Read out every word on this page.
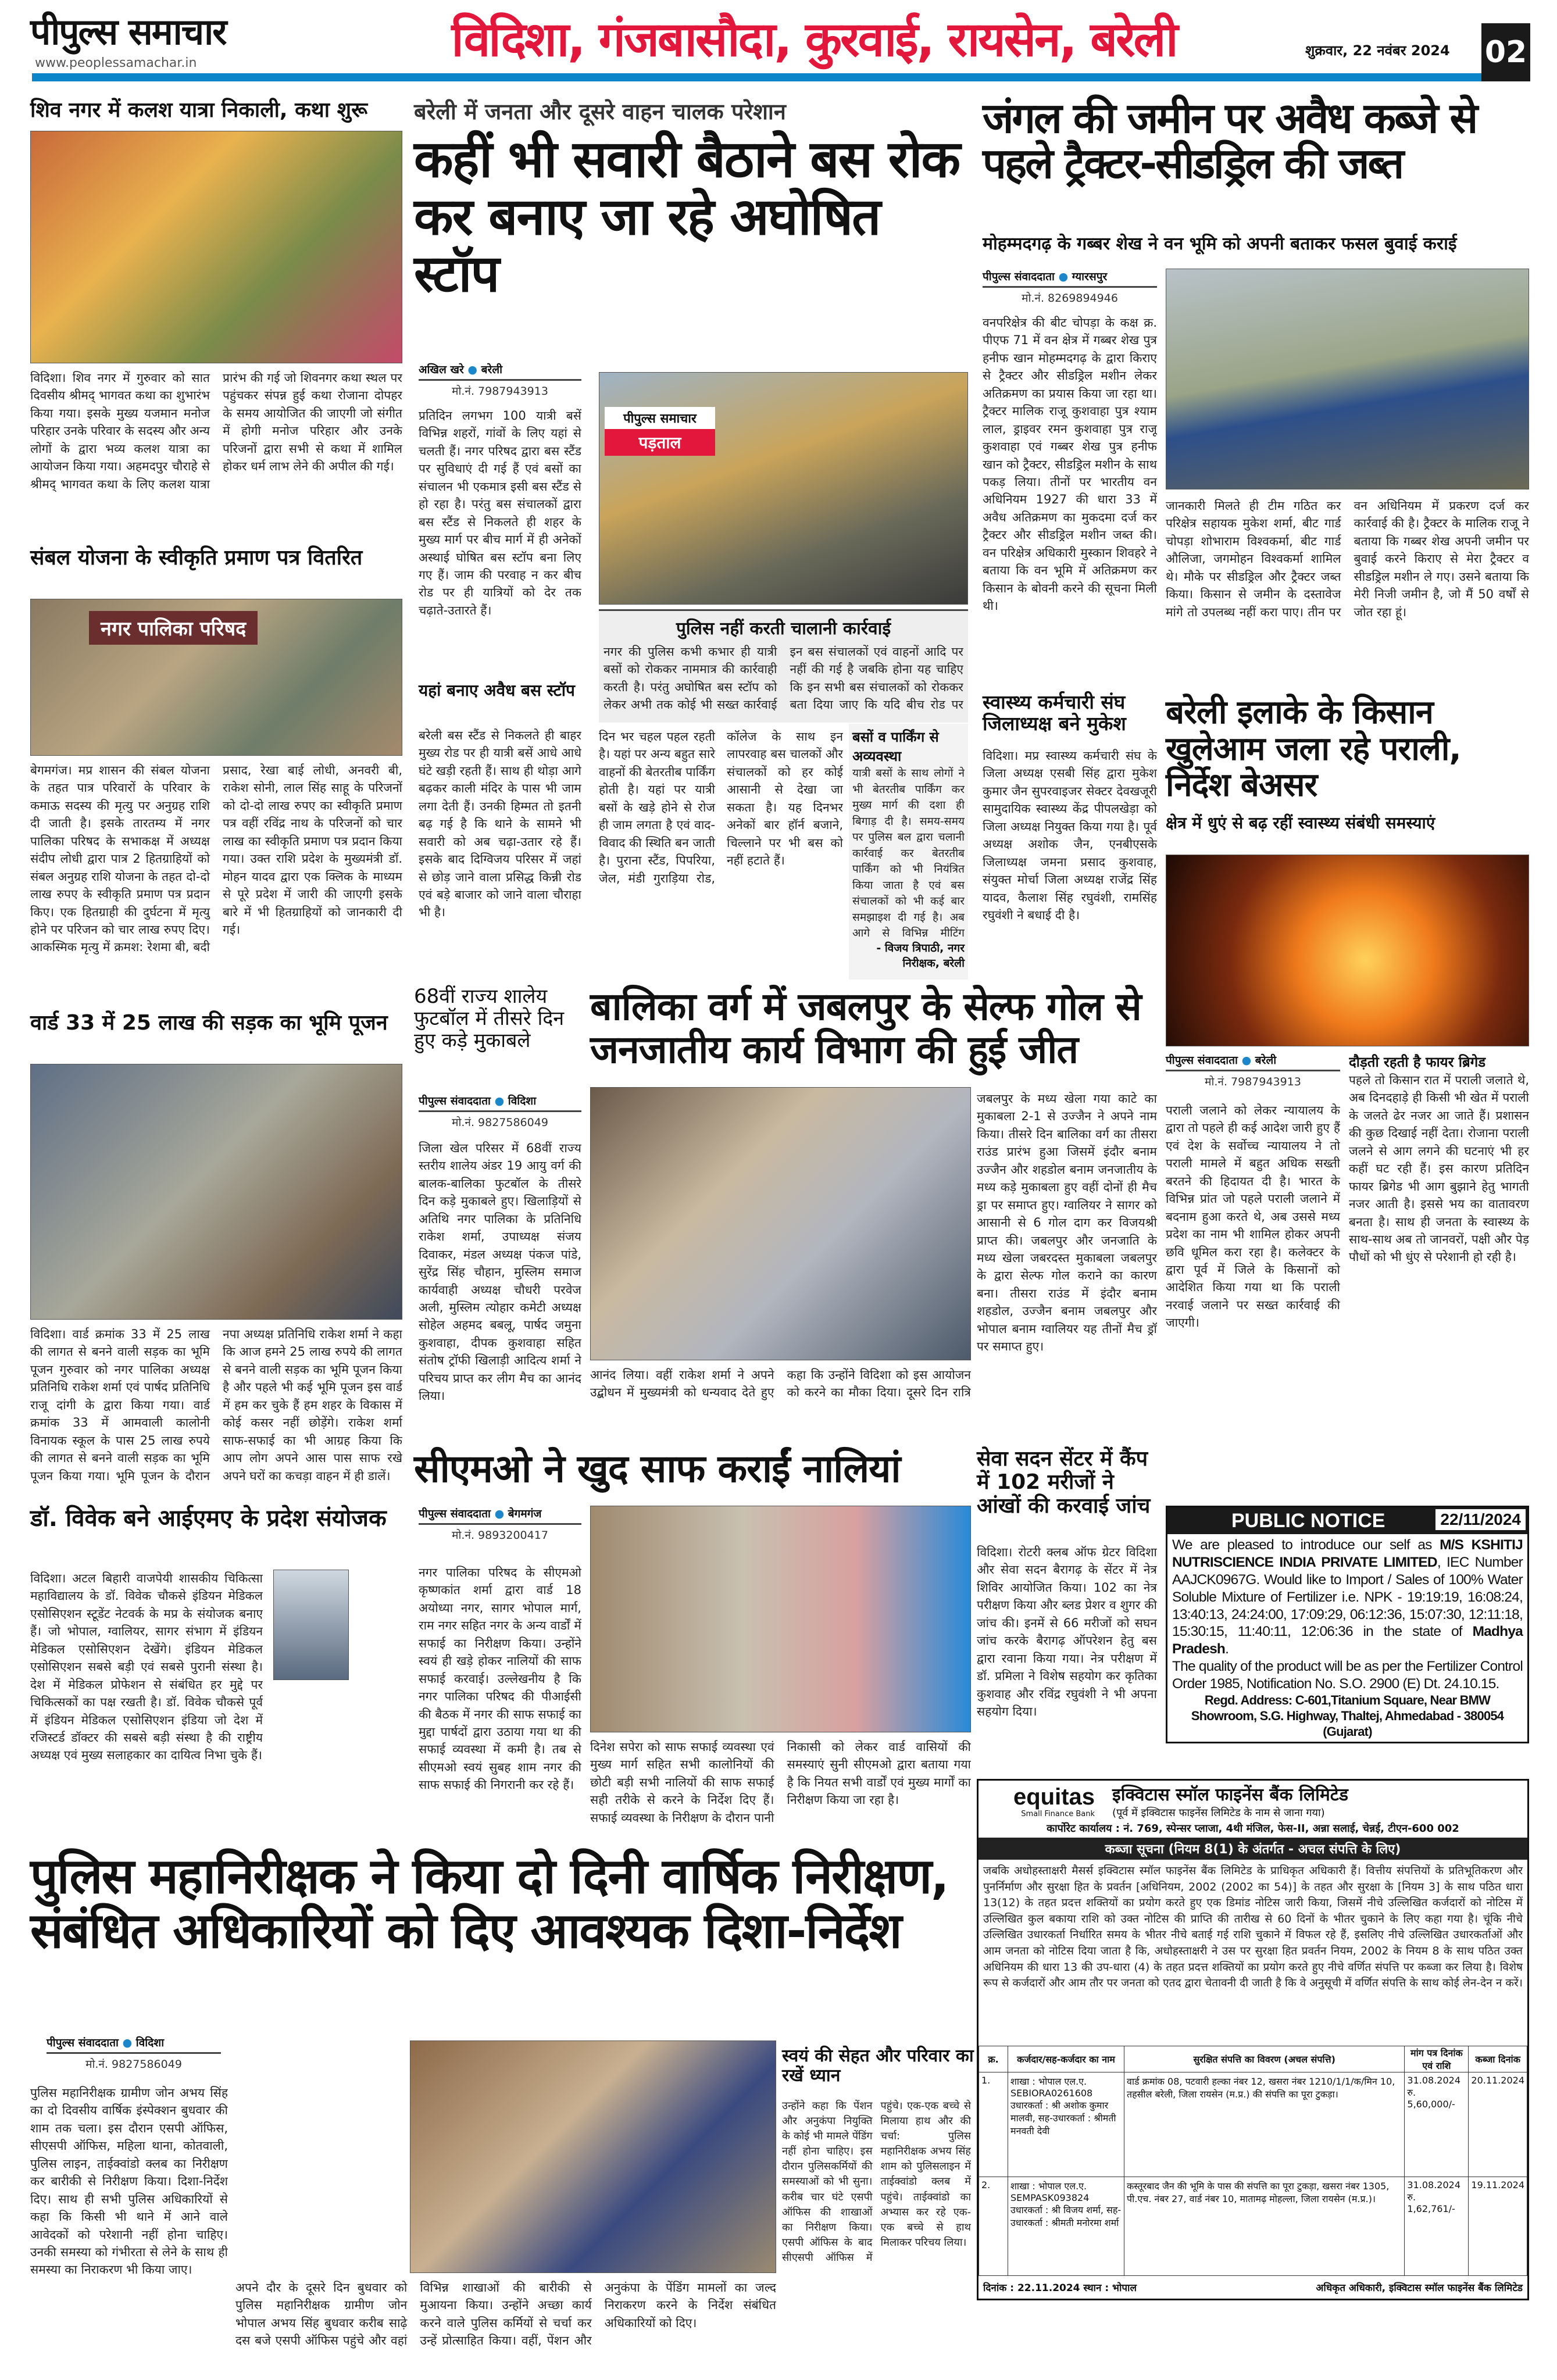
पीपुल्स समाचार
www.peoplessamachar.in	विदिशा, गंजबासौदा, कुरवाई, रायसेन, बरेली	शुक्रवार, 22 नवंबर 2024 02
शिव नगर में कलश यात्रा निकाली, कथा शुरू
विदिशा। शिव नगर में गुरुवार को सात दिवसीय श्रीमद् भागवत कथा का शुभारंभ किया गया। इसके मुख्य यजमान मनोज परिहार उनके परिवार के सदस्य और अन्य लोगों के द्वारा भव्य कलश यात्रा का आयोजन किया गया। अहमदपुर चौराहे से श्रीमद् भागवत कथा के लिए कलश यात्रा प्रारंभ की गई जो शिवनगर कथा स्थल पर पहुंचकर संपन्न हुई कथा रोजाना दोपहर के समय आयोजित की जाएगी जो संगीत में होगी मनोज परिहार और उनके परिजनों द्वारा सभी से कथा में शामिल होकर धर्म लाभ लेने की अपील की गई।
संबल योजना के स्वीकृति प्रमाण पत्र वितरित
नगर पालिका परिषद
बेगमगंज। मप्र शासन की संबल योजना के तहत पात्र परिवारों के परिवार के कमाऊ सदस्य की मृत्यु पर अनुग्रह राशि दी जाती है। इसके तारतम्य में नगर पालिका परिषद के सभाकक्ष में अध्यक्ष संदीप लोधी द्वारा पात्र 2 हितग्राहियों को संबल अनुग्रह राशि योजना के तहत दो-दो लाख रुपए के स्वीकृति प्रमाण पत्र प्रदान किए। एक हितग्राही की दुर्घटना में मृत्यु होने पर परिजन को चार लाख रुपए दिए। आकस्मिक मृत्यु में क्रमश: रेशमा बी, बदी प्रसाद, रेखा बाई लोधी, अनवरी बी, राकेश सोनी, लाल सिंह साहू के परिजनों को दो-दो लाख रुपए का स्वीकृति प्रमाण पत्र वहीं रविंद्र नाथ के परिजनों को चार लाख का स्वीकृति प्रमाण पत्र प्रदान किया गया। उक्त राशि प्रदेश के मुख्यमंत्री डॉ. मोहन यादव द्वारा एक क्लिक के माध्यम से पूरे प्रदेश में जारी की जाएगी इसके बारे में भी हितग्राहियों को जानकारी दी गई।
वार्ड 33 में 25 लाख की सड़क का भूमि पूजन
विदिशा। वार्ड क्रमांक 33 में 25 लाख की लागत से बनने वाली सड़क का भूमि पूजन गुरुवार को नगर पालिका अध्यक्ष प्रतिनिधि राकेश शर्मा एवं पार्षद प्रतिनिधि राजू दांगी के द्वारा किया गया। वार्ड क्रमांक 33 में आमवाली कालोनी विनायक स्कूल के पास 25 लाख रुपये की लागत से बनने वाली सड़क का भूमि पूजन किया गया। भूमि पूजन के दौरान नपा अध्यक्ष प्रतिनिधि राकेश शर्मा ने कहा कि आज हमने 25 लाख रुपये की लागत से बनने वाली सड़क का भूमि पूजन किया है और पहले भी कई भूमि पूजन इस वार्ड में हम कर चुके हैं हम शहर के विकास में कोई कसर नहीं छोड़ेंगे। राकेश शर्मा साफ-सफाई का भी आग्रह किया कि आप लोग अपने आस पास साफ रखे अपने घरों का कचड़ा वाहन में ही डालें।
डॉ. विवेक बने आईएमए के प्रदेश संयोजक
विदिशा। अटल बिहारी वाजपेयी शासकीय चिकित्सा महाविद्यालय के डॉ. विवेक चौकसे इंडियन मेडिकल एसोसिएशन स्टूडेंट नेटवर्क के मप्र के संयोजक बनाए हैं। जो भोपाल, ग्वालियर, सागर संभाग में इंडियन मेडिकल एसोसिएशन देखेंगे। इंडियन मेडिकल एसोसिएशन सबसे बड़ी एवं सबसे पुरानी संस्था है। देश में मेडिकल प्रोफेशन से संबंधित हर मुद्दे पर चिकित्सकों का पक्ष रखती है। डॉ. विवेक चौकसे पूर्व में इंडियन मेडिकल एसोसिएशन इंडिया जो देश में रजिस्टर्ड डॉक्टर की सबसे बड़ी संस्था है की राष्ट्रीय अध्यक्ष एवं मुख्य सलाहकार का दायित्व निभा चुके हैं।
बरेली में जनता और दूसरे वाहन चालक परेशान
कहीं भी सवारी बैठाने बस रोक कर बनाए जा रहे अघोषित स्टॉप
अखिल खरे ● बरेली
मो.नं. 7987943913
प्रतिदिन लगभग 100 यात्री बसें विभिन्न शहरों, गांवों के लिए यहां से चलती हैं। नगर परिषद द्वारा बस स्टैंड पर सुविधाएं दी गई हैं एवं बसों का संचालन भी एकमात्र इसी बस स्टैंड से हो रहा है। परंतु बस संचालकों द्वारा बस स्टैंड से निकलते ही शहर के मुख्य मार्ग पर बीच मार्ग में ही अनेकों अस्थाई घोषित बस स्टॉप बना लिए गए हैं। जाम की परवाह न कर बीच रोड पर ही यात्रियों को देर तक चढ़ाते-उतारते हैं।
यहां बनाए अवैध बस स्टॉप
बरेली बस स्टैंड से निकलते ही बाहर मुख्य रोड पर ही यात्री बसें आधे आधे घंटे खड़ी रहती हैं। साथ ही थोड़ा आगे बढ़कर काली मंदिर के पास भी जाम लगा देती हैं। उनकी हिम्मत तो इतनी बढ़ गई है कि थाने के सामने भी सवारी को अब चढ़ा-उतार रहे हैं। इसके बाद दिग्विजय परिसर में जहां से छोड़ जाने वाला प्रसिद्ध किन्नी रोड एवं बड़े बाजार को जाने वाला चौराहा भी है।
पीपुल्स समाचार
पड़ताल
पुलिस नहीं करती चालानी कार्रवाई
नगर की पुलिस कभी कभार ही यात्री बसों को रोककर नाममात्र की कार्रवाही करती है। परंतु अघोषित बस स्टॉप को लेकर अभी तक कोई भी सख्त कार्रवाई इन बस संचालकों एवं वाहनों आदि पर नहीं की गई है जबकि होना यह चाहिए कि इन सभी बस संचालकों को रोककर बता दिया जाए कि यदि बीच रोड पर
दिन भर चहल पहल रहती है। यहां पर अन्य बहुत सारे वाहनों की बेतरतीब पार्किंग होती है। यहां पर यात्री बसों के खड़े होने से रोज ही जाम लगता है एवं वाद-विवाद की स्थिति बन जाती है। पुराना स्टैंड, पिपरिया, जेल, मंडी गुराड़िया रोड, कॉलेज के साथ इन लापरवाह बस चालकों और संचालकों को हर कोई आसानी से देखा जा सकता है। यह दिनभर अनेकों बार हॉर्न बजाने, चिल्लाने पर भी बस को नहीं हटाते हैं।
बसों व पार्किंग से अव्यवस्था
यात्री बसों के साथ लोगों ने भी बेतरतीब पार्किंग कर मुख्य मार्ग की दशा ही बिगाड़ दी है। समय-समय पर पुलिस बल द्वारा चलानी कार्रवाई कर बेतरतीब पार्किंग को भी नियंत्रित किया जाता है एवं बस संचालकों को भी कई बार समझाइश दी गई है। अब आगे से विभिन्न मीटिंग
- विजय त्रिपाठी, नगर निरीक्षक, बरेली
जंगल की जमीन पर अवैध कब्जे से पहले ट्रैक्टर-सीडड्रिल की जब्त
मोहम्मदगढ़ के गब्बर शेख ने वन भूमि को अपनी बताकर फसल बुवाई कराई
पीपुल्स संवाददाता ● ग्यारसपुर
मो.नं. 8269894946
वनपरिक्षेत्र की बीट चोपड़ा के कक्ष क्र. पीएफ 71 में वन क्षेत्र में गब्बर शेख पुत्र हनीफ खान मोहम्मदगढ़ के द्वारा किराए से ट्रैक्टर और सीडड्रिल मशीन लेकर अतिक्रमण का प्रयास किया जा रहा था। ट्रैक्टर मालिक राजू कुशवाहा पुत्र श्याम लाल, ड्राइवर रमन कुशवाहा पुत्र राजू कुशवाहा एवं गब्बर शेख पुत्र हनीफ खान को ट्रैक्टर, सीडड्रिल मशीन के साथ पकड़ लिया। तीनों पर भारतीय वन अधिनियम 1927 की धारा 33 में अवैध अतिक्रमण का मुकदमा दर्ज कर ट्रैक्टर और सीडड्रिल मशीन जब्त की। वन परिक्षेत्र अधिकारी मुस्कान शिवहरे ने बताया कि वन भूमि में अतिक्रमण कर किसान के बोवनी करने की सूचना मिली थी।
जानकारी मिलते ही टीम गठित कर परिक्षेत्र सहायक मुकेश शर्मा, बीट गार्ड चोपड़ा शोभाराम विश्वकर्मा, बीट गार्ड औलिजा, जगमोहन विश्वकर्मा शामिल थे। मौके पर सीडड्रिल और ट्रैक्टर जब्त किया। किसान से जमीन के दस्तावेज मांगे तो उपलब्ध नहीं करा पाए। तीन पर वन अधिनियम में प्रकरण दर्ज कर कार्रवाई की है। ट्रैक्टर के मालिक राजू ने बताया कि गब्बर शेख अपनी जमीन पर बुवाई करने किराए से मेरा ट्रैक्टर व सीडड्रिल मशीन ले गए। उसने बताया कि मेरी निजी जमीन है, जो मैं 50 वर्षों से जोत रहा हूं।
स्वास्थ्य कर्मचारी संघ जिलाध्यक्ष बने मुकेश
विदिशा। मप्र स्वास्थ्य कर्मचारी संघ के जिला अध्यक्ष एसबी सिंह द्वारा मुकेश कुमार जैन सुपरवाइजर सेक्टर देवखजूरी सामुदायिक स्वास्थ्य केंद्र पीपलखेड़ा को जिला अध्यक्ष नियुक्त किया गया है। पूर्व अध्यक्ष अशोक जैन, एनबीएसके जिलाध्यक्ष जमना प्रसाद कुशवाह, संयुक्त मोर्चा जिला अध्यक्ष राजेंद्र सिंह यादव, कैलाश सिंह रघुवंशी, रामसिंह रघुवंशी ने बधाई दी है।
बरेली इलाके के किसान खुलेआम जला रहे पराली, निर्देश बेअसर
क्षेत्र में धुएं से बढ़ रहीं स्वास्थ्य संबंधी समस्याएं
पीपुल्स संवाददाता ● बरेली
मो.नं. 7987943913
पराली जलाने को लेकर न्यायालय के द्वारा तो पहले ही कई आदेश जारी हुए हैं एवं देश के सर्वोच्च न्यायालय ने तो पराली मामले में बहुत अधिक सख्ती बरतने की हिदायत दी है। भारत के विभिन्न प्रांत जो पहले पराली जलाने में बदनाम हुआ करते थे, अब उससे मध्य प्रदेश का नाम भी शामिल होकर अपनी छवि धूमिल करा रहा है। कलेक्टर के द्वारा पूर्व में जिले के किसानों को आदेशित किया गया था कि पराली नरवाई जलाने पर सख्त कार्रवाई की जाएगी।
दौड़ती रहती है फायर ब्रिगेड
पहले तो किसान रात में पराली जलाते थे, अब दिनदहाड़े ही किसी भी खेत में पराली के जलते ढेर नजर आ जाते हैं। प्रशासन की कुछ दिखाई नहीं देता। रोजाना पराली जलने से आग लगने की घटनाएं भी हर कहीं घट रही हैं। इस कारण प्रतिदिन फायर ब्रिगेड भी आग बुझाने हेतु भागती नजर आती है। इससे भय का वातावरण बनता है। साथ ही जनता के स्वास्थ्य के साथ-साथ अब तो जानवरों, पक्षी और पेड़ पौधों को भी धुंए से परेशानी हो रही है।
68वीं राज्य शालेय फुटबॉल में तीसरे दिन हुए कड़े मुकाबले
पीपुल्स संवाददाता ● विदिशा
मो.नं. 9827586049
जिला खेल परिसर में 68वीं राज्य स्तरीय शालेय अंडर 19 आयु वर्ग की बालक-बालिका फुटबॉल के तीसरे दिन कड़े मुकाबले हुए। खिलाड़ियों से अतिथि नगर पालिका के प्रतिनिधि राकेश शर्मा, उपाध्यक्ष संजय दिवाकर, मंडल अध्यक्ष पंकज पांडे, सुरेंद्र सिंह चौहान, मुस्लिम समाज कार्यवाही अध्यक्ष चौधरी परवेज अली, मुस्लिम त्योहार कमेटी अध्यक्ष सोहेल अहमद बबलू, पार्षद जमुना कुशवाहा, दीपक कुशवाहा सहित संतोष ट्रॉफी खिलाड़ी आदित्य शर्मा ने परिचय प्राप्त कर लीग मैच का आनंद लिया।
बालिका वर्ग में जबलपुर के सेल्फ गोल से जनजातीय कार्य विभाग की हुई जीत
आनंद लिया। वहीं राकेश शर्मा ने अपने उद्बोधन में मुख्यमंत्री को धन्यवाद देते हुए कहा कि उन्होंने विदिशा को इस आयोजन को करने का मौका दिया। दूसरे दिन रात्रि
जबलपुर के मध्य खेला गया काटे का मुकाबला 2-1 से उज्जैन ने अपने नाम किया। तीसरे दिन बालिका वर्ग का तीसरा राउंड प्रारंभ हुआ जिसमें इंदौर बनाम उज्जैन और शहडोल बनाम जनजातीय के मध्य कड़े मुकाबला हुए वहीं दोनों ही मैच ड्रा पर समाप्त हुए। ग्वालियर ने सागर को आसानी से 6 गोल दाग कर विजयश्री प्राप्त की। जबलपुर और जनजाति के मध्य खेला जबरदस्त मुकाबला जबलपुर के द्वारा सेल्फ गोल कराने का कारण बना। तीसरा राउंड में इंदौर बनाम शहडोल, उज्जैन बनाम जबलपुर और भोपाल बनाम ग्वालियर यह तीनों मैच ड्रॉ पर समाप्त हुए।
सीएमओ ने खुद साफ कराईं नालियां
पीपुल्स संवाददाता ● बेगमगंज
मो.नं. 9893200417
नगर पालिका परिषद के सीएमओ कृष्णकांत शर्मा द्वारा वार्ड 18 अयोध्या नगर, सागर भोपाल मार्ग, राम नगर सहित नगर के अन्य वार्डों में सफाई का निरीक्षण किया। उन्होंने स्वयं ही खड़े होकर नालियों की साफ सफाई करवाई। उल्लेखनीय है कि नगर पालिका परिषद की पीआईसी की बैठक में नगर की साफ सफाई का मुद्दा पार्षदों द्वारा उठाया गया था की सफाई व्यवस्था में कमी है। तब से सीएमओ स्वयं सुबह शाम नगर की साफ सफाई की निगरानी कर रहे हैं।
दिनेश सपेरा को साफ सफाई व्यवस्था एवं मुख्य मार्ग सहित सभी कालोनियों की छोटी बड़ी सभी नालियों की साफ सफाई सही तरीके से करने के निर्देश दिए हैं। सफाई व्यवस्था के निरीक्षण के दौरान पानी निकासी को लेकर वार्ड वासियों की समस्याएं सुनी सीएमओ द्वारा बताया गया है कि नियत सभी वार्डों एवं मुख्य मार्गों का निरीक्षण किया जा रहा है।
सेवा सदन सेंटर में कैंप में 102 मरीजों ने आंखों की करवाई जांच
विदिशा। रोटरी क्लब ऑफ ग्रेटर विदिशा और सेवा सदन बैरागढ़ के सेंटर में नेत्र शिविर आयोजित किया। 102 का नेत्र परीक्षण किया और ब्लड प्रेशर व शुगर की जांच की। इनमें से 66 मरीजों को सघन जांच करके बैरागढ़ ऑपरेशन हेतु बस द्वारा रवाना किया गया। नेत्र परीक्षण में डॉ. प्रमिला ने विशेष सहयोग कर कृतिका कुशवाह और रविंद्र रघुवंशी ने भी अपना सहयोग दिया।
PUBLIC NOTICE	22/11/2024
We are pleased to introduce our self as M/S KSHITIJ NUTRISCIENCE INDIA PRIVATE LIMITED, IEC Number AAJCK0967G. Would like to Import / Sales of 100% Water Soluble Mixture of Fertilizer i.e. NPK - 19:19:19, 16:08:24, 13:40:13, 24:24:00, 17:09:29, 06:12:36, 15:07:30, 12:11:18, 15:30:15, 11:40:11, 12:06:36 in the state of Madhya Pradesh.
The quality of the product will be as per the Fertilizer Control Order 1985, Notification No. S.O. 2900 (E) Dt. 24.10.15.

Regd. Address: C-601,Titanium Square, Near BMW Showroom, S.G. Highway, Thaltej, Ahmedabad - 380054 (Gujarat)
equitas
Small Finance Bank
इक्विटास स्मॉल फाइनेंस बैंक लिमिटेड
(पूर्व में इक्विटास फाइनेंस लिमिटेड के नाम से जाना गया)
कार्पोरेट कार्यालय : नं. 769, स्पेन्सर प्लाजा, 4थी मंजिल, फेस-II, अन्ना सलाई, चेन्नई, टीएन-600 002
कब्जा सूचना (नियम 8(1) के अंतर्गत - अचल संपत्ति के लिए)
जबकि अधोहस्ताक्षरी मैसर्स इक्विटास स्मॉल फाइनेंस बैंक लिमिटेड के प्राधिकृत अधिकारी हैं। वित्तीय संपत्तियों के प्रतिभूतिकरण और पुनर्निर्माण और सुरक्षा हित के प्रवर्तन [अधिनियम, 2002 (2002 का 54)] के तहत और सुरक्षा के [नियम 3] के साथ पठित धारा 13(12) के तहत प्रदत्त शक्तियों का प्रयोग करते हुए एक डिमांड नोटिस जारी किया, जिसमें नीचे उल्लिखित कर्जदारों को नोटिस में उल्लिखित कुल बकाया राशि को उक्त नोटिस की प्राप्ति की तारीख से 60 दिनों के भीतर चुकाने के लिए कहा गया है। चूंकि नीचे उल्लिखित उधारकर्ता निर्धारित समय के भीतर नीचे बताई गई राशि चुकाने में विफल रहे हैं, इसलिए नीचे उल्लिखित उधारकर्ताओं और आम जनता को नोटिस दिया जाता है कि, अधोहस्ताक्षरी ने उस पर सुरक्षा हित प्रवर्तन नियम, 2002 के नियम 8 के साथ पठित उक्त अधिनियम की धारा 13 की उप-धारा (4) के तहत प्रदत्त शक्तियों का प्रयोग करते हुए नीचे वर्णित संपत्ति पर कब्जा कर लिया है। विशेष रूप से कर्जदारों और आम तौर पर जनता को एतद द्वारा चेतावनी दी जाती है कि वे अनुसूची में वर्णित संपत्ति के साथ कोई लेन-देन न करें।
क्र.	कर्जदार/सह-कर्जदार का नाम	सुरक्षित संपत्ति का विवरण (अचल संपत्ति)	मांग पत्र दिनांक एवं राशि	कब्जा दिनांक
1.	शाखा : भोपाल एल.ए. SEBIORA0261608 उधारकर्ता : श्री अशोक कुमार मालवी, सह-उधारकर्ता : श्रीमती मनवती देवी	वार्ड क्रमांक 08, पटवारी हल्का नंबर 12, खसरा नंबर 1210/1/1/क/मिन 10, तहसील बरेली, जिला रायसेन (म.प्र.) की संपत्ति का पूरा टुकड़ा।	31.08.2024 रु. 5,60,000/-	20.11.2024
2.	शाखा : भोपाल एल.ए. SEMPASK093824 उधारकर्ता : श्री विजय शर्मा, सह-उधारकर्ता : श्रीमती मनोरमा शर्मा	कस्तूरबाद जैन की भूमि के पास की संपत्ति का पूरा टुकड़ा, खसरा नंबर 1305, पी.एच. नंबर 27, वार्ड नंबर 10, मातामढ़ मोहल्ला, जिला रायसेन (म.प्र.)।	31.08.2024 रु. 1,62,761/-	19.11.2024
दिनांक : 22.11.2024 स्थान : भोपाल	अधिकृत अधिकारी, इक्विटास स्मॉल फाइनेंस बैंक लिमिटेड
पुलिस महानिरीक्षक ने किया दो दिनी वार्षिक निरीक्षण, संबंधित अधिकारियों को दिए आवश्यक दिशा-निर्देश
पीपुल्स संवाददाता ● विदिशा
मो.नं. 9827586049
पुलिस महानिरीक्षक ग्रामीण जोन अभय सिंह का दो दिवसीय वार्षिक इंस्पेक्शन बुधवार की शाम तक चला। इस दौरान एसपी ऑफिस, सीएसपी ऑफिस, महिला थाना, कोतवाली, पुलिस लाइन, ताईक्वांडो क्लब का निरीक्षण कर बारीकी से निरीक्षण किया। दिशा-निर्देश दिए। साथ ही सभी पुलिस अधिकारियों से कहा कि किसी भी थाने में आने वाले आवेदकों को परेशानी नहीं होना चाहिए। उनकी समस्या को गंभीरता से लेने के साथ ही समस्या का निराकरण भी किया जाए।
अपने दौर के दूसरे दिन बुधवार को पुलिस महानिरीक्षक ग्रामीण जोन भोपाल अभय सिंह बुधवार करीब साढ़े दस बजे एसपी ऑफिस पहुंचे और वहां विभिन्न शाखाओं की बारीकी से मुआयना किया। उन्होंने अच्छा कार्य करने वाले पुलिस कर्मियों से चर्चा कर उन्हें प्रोत्साहित किया। वहीं, पेंशन और अनुकंपा के पेंडिंग मामलों का जल्द निराकरण करने के निर्देश संबंधित अधिकारियों को दिए।
स्वयं की सेहत और परिवार का रखें ध्यान
उन्होंने कहा कि पेंशन और अनुकंपा नियुक्ति के कोई भी मामले पेंडिंग नहीं होना चाहिए। इस दौरान पुलिसकर्मियों की समस्याओं को भी सुना। करीब चार घंटे एसपी ऑफिस की शाखाओं का निरीक्षण किया। एसपी ऑफिस के बाद सीएसपी ऑफिस में पहुंचे। एक-एक बच्चे से मिलाया हाथ और की चर्चा: पुलिस महानिरीक्षक अभय सिंह शाम को पुलिसलाइन में ताईक्वांडो क्लब में पहुंचे। ताईक्वांडो का अभ्यास कर रहे एक-एक बच्चे से हाथ मिलाकर परिचय लिया।
